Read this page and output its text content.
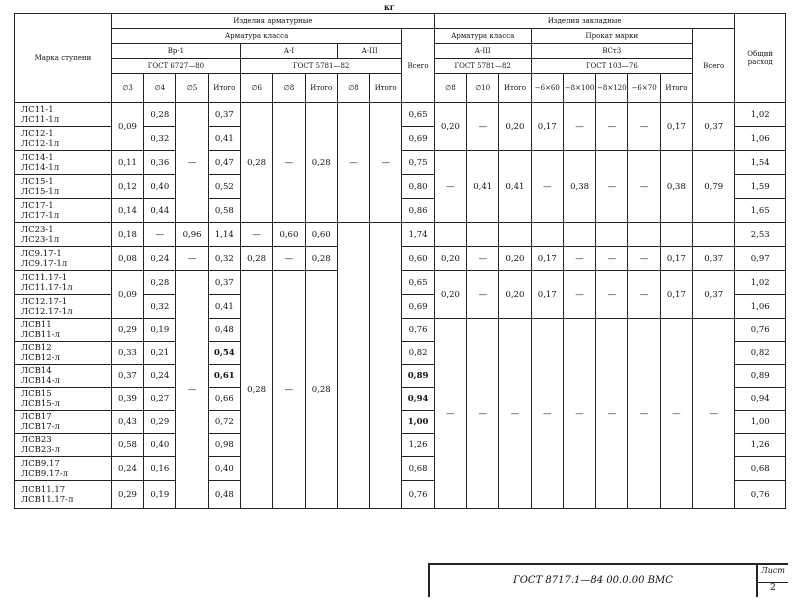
кг
Марка ступени	Изделия арматурные										Изделия закладные									Общий расход
	Арматура класса									Всего	Арматура класса			Прокат марки					Всего	
	Вр-1				А-I			А-III			А-III			ВСт3						
	ГОСТ 6727—80				ГОСТ 5781—82						ГОСТ 5781—82			ГОСТ 103—76						
	∅3	∅4	∅5	Итого	∅6	∅8	Итого	∅8	Итого		∅8	∅10	Итого	−6×60	−8×100	−8×120	−6×70	Итого		
ЛС11-1
ЛС11-1л	0,09	0,28	—	0,37	0,28	—	0,28	—	—	0,65	0,20	—	0,20	0,17	—	—	—	0,17	0,37	1,02
ЛС12-1
ЛС12-1л		0,32		0,41						0,69										1,06
ЛС14-1
ЛС14-1л	0,11	0,36		0,47						0,75	—	0,41	0,41	—	0,38	—	—	0,38	0,79	1,54
ЛС15-1
ЛС15-1л	0,12	0,40		0,52						0,80										1,59
ЛС17-1
ЛС17-1л	0,14	0,44		0,58						0,86										1,65
ЛС23-1
ЛС23-1л	0,18	—	0,96	1,14	—	0,60	0,60			1,74										2,53
ЛС9.17-1
ЛС9.17-1л	0,08	0,24	—	0,32	0,28	—	0,28			0,60	0,20	—	0,20	0,17	—	—	—	0,17	0,37	0,97
ЛС11.17-1
ЛС11.17-1л	0,09	0,28	—	0,37	0,28	—	0,28			0,65	0,20	—	0,20	0,17	—	—	—	0,17	0,37	1,02
ЛС12.17-1
ЛС12.17-1л		0,32		0,41						0,69										1,06
ЛСВ11
ЛСВ11-л	0,29	0,19		0,48						0,76	—	—	—	—	—	—	—	—	—	0,76
ЛСВ12
ЛСВ12-л	0,33	0,21		0,54						0,82										0,82
ЛСВ14
ЛСВ14-л	0,37	0,24		0,61						0,89										0,89
ЛСВ15
ЛСВ15-л	0,39	0,27		0,66						0,94										0,94
ЛСВ17
ЛСВ17-л	0,43	0,29		0,72						1,00										1,00
ЛСВ23
ЛСВ23-л	0,58	0,40		0,98						1,26										1,26
ЛСВ9.17
ЛСВ9.17-л	0,24	0,16		0,40						0,68										0,68
ЛСВ11.17
ЛСВ11.17-л	0,29	0,19		0,48						0,76										0,76
ГОСТ 8717.1—84 00.0.00 ВМС
Лист
2
